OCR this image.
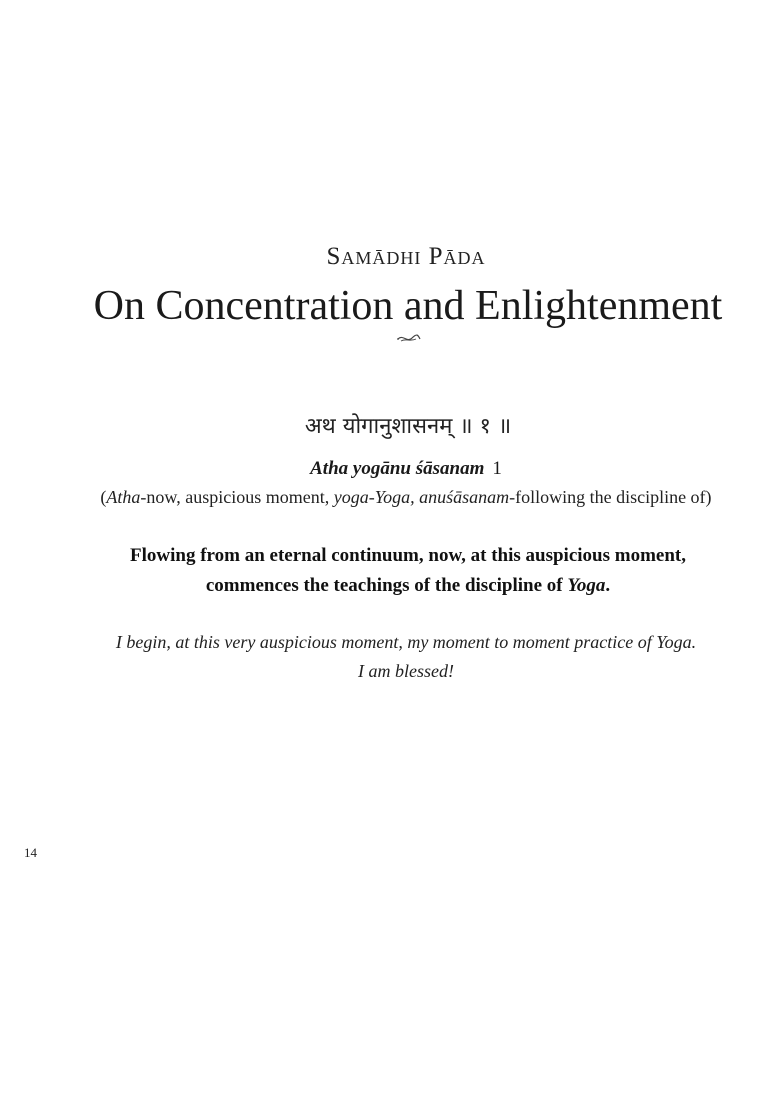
Samādhi Pāda
On Concentration and Enlightenment
अथ योगानुशासनम् ॥ १ ॥
Atha yogānu śāsanam 1
(Atha-now, auspicious moment, yoga-Yoga, anuśāsanam-following the discipline of)
Flowing from an eternal continuum, now, at this auspicious moment,
commences the teachings of the discipline of Yoga.
I begin, at this very auspicious moment, my moment to moment practice of Yoga.
I am blessed!
14
